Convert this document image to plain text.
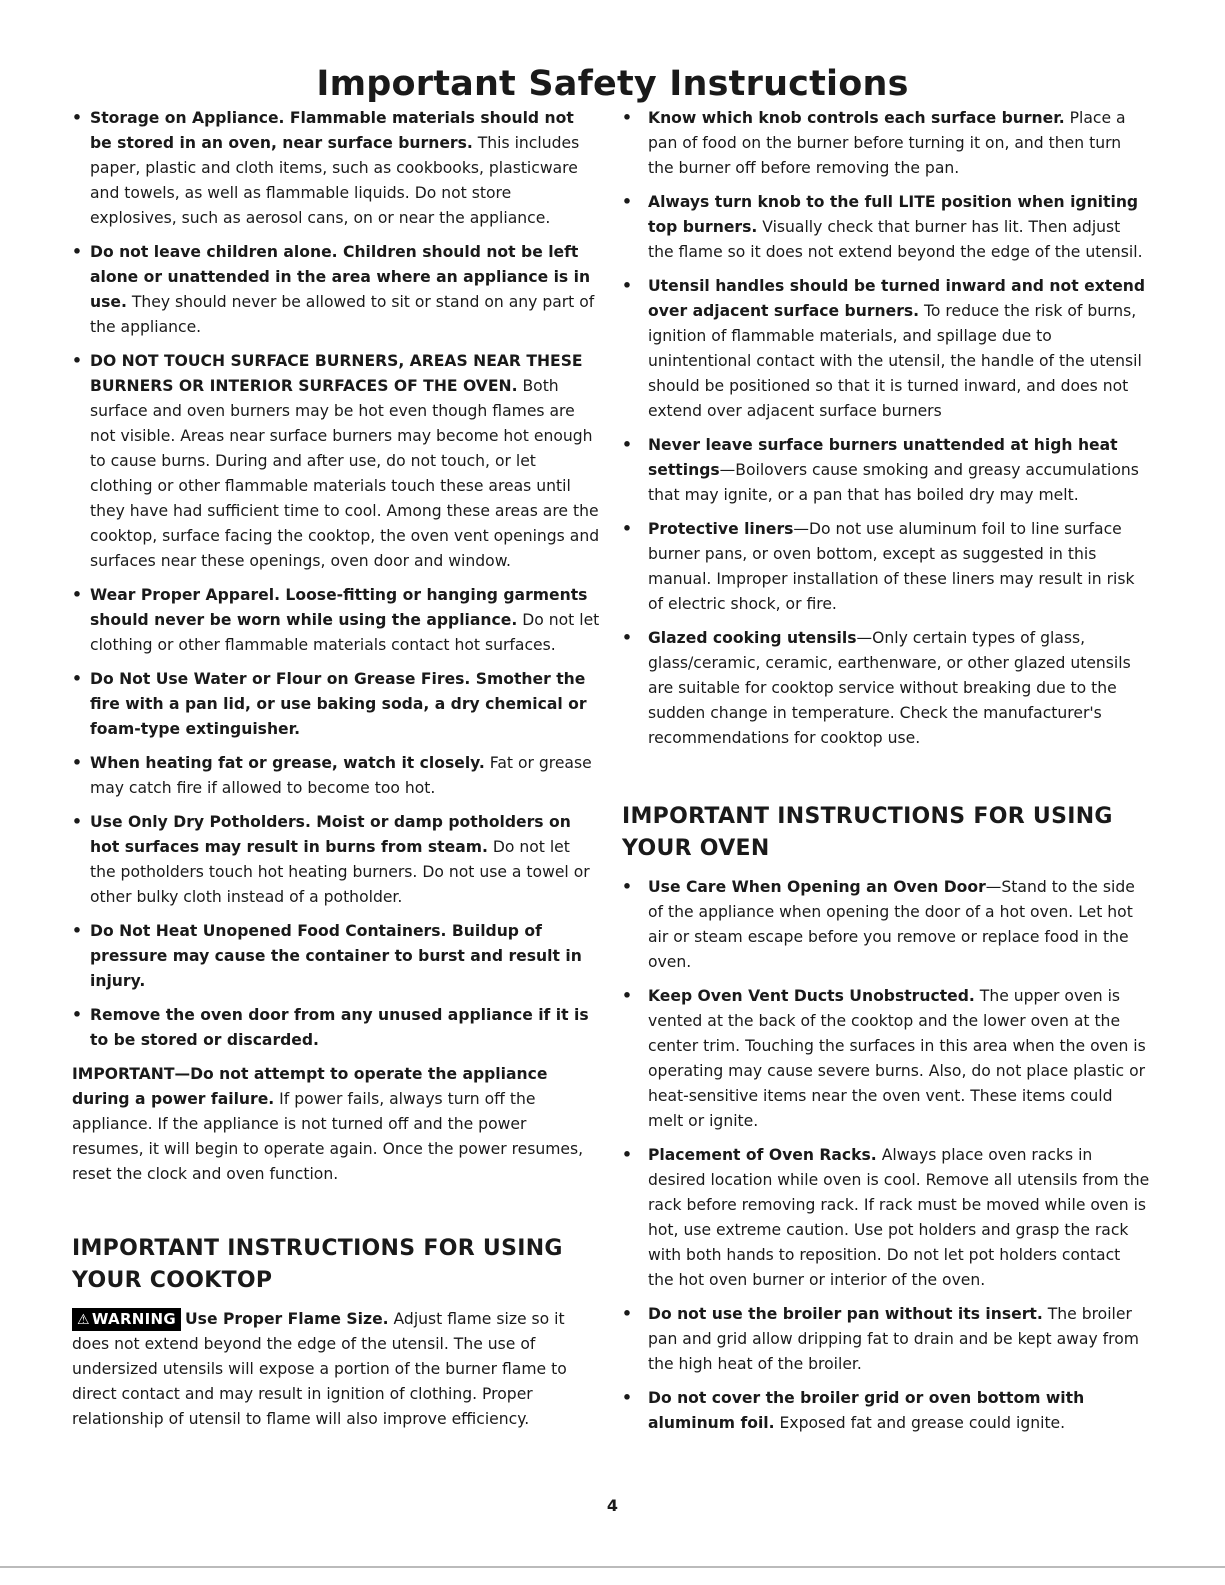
Important Safety Instructions
• Storage on Appliance. Flammable materials should not be stored in an oven, near surface burners. This includes paper, plastic and cloth items, such as cookbooks, plasticware and towels, as well as flammable liquids. Do not store explosives, such as aerosol cans, on or near the appliance.
• Do not leave children alone. Children should not be left alone or unattended in the area where an appliance is in use. They should never be allowed to sit or stand on any part of the appliance.
• DO NOT TOUCH SURFACE BURNERS, AREAS NEAR THESE BURNERS OR INTERIOR SURFACES OF THE OVEN. Both surface and oven burners may be hot even though flames are not visible. Areas near surface burners may become hot enough to cause burns. During and after use, do not touch, or let clothing or other flammable materials touch these areas until they have had sufficient time to cool. Among these areas are the cooktop, surface facing the cooktop, the oven vent openings and surfaces near these openings, oven door and window.
• Wear Proper Apparel. Loose-fitting or hanging garments should never be worn while using the appliance. Do not let clothing or other flammable materials contact hot surfaces.
• Do Not Use Water or Flour on Grease Fires. Smother the fire with a pan lid, or use baking soda, a dry chemical or foam-type extinguisher.
• When heating fat or grease, watch it closely. Fat or grease may catch fire if allowed to become too hot.
• Use Only Dry Potholders. Moist or damp potholders on hot surfaces may result in burns from steam. Do not let the potholders touch hot heating burners. Do not use a towel or other bulky cloth instead of a potholder.
• Do Not Heat Unopened Food Containers. Buildup of pressure may cause the container to burst and result in injury.
• Remove the oven door from any unused appliance if it is to be stored or discarded.

IMPORTANT—Do not attempt to operate the appliance during a power failure. If power fails, always turn off the appliance. If the appliance is not turned off and the power resumes, it will begin to operate again. Once the power resumes, reset the clock and oven function.

IMPORTANT INSTRUCTIONS FOR USING
YOUR COOKTOP

⚠ WARNING Use Proper Flame Size. Adjust flame size so it does not extend beyond the edge of the utensil. The use of undersized utensils will expose a portion of the burner flame to direct contact and may result in ignition of clothing. Proper relationship of utensil to flame will also improve efficiency.

• Know which knob controls each surface burner. Place a pan of food on the burner before turning it on, and then turn the burner off before removing the pan.
• Always turn knob to the full LITE position when igniting top burners. Visually check that burner has lit. Then adjust the flame so it does not extend beyond the edge of the utensil.
• Utensil handles should be turned inward and not extend over adjacent surface burners. To reduce the risk of burns, ignition of flammable materials, and spillage due to unintentional contact with the utensil, the handle of the utensil should be positioned so that it is turned inward, and does not extend over adjacent surface burners
• Never leave surface burners unattended at high heat settings—Boilovers cause smoking and greasy accumulations that may ignite, or a pan that has boiled dry may melt.
• Protective liners—Do not use aluminum foil to line surface burner pans, or oven bottom, except as suggested in this manual. Improper installation of these liners may result in risk of electric shock, or fire.
• Glazed cooking utensils—Only certain types of glass, glass/ceramic, ceramic, earthenware, or other glazed utensils are suitable for cooktop service without breaking due to the sudden change in temperature. Check the manufacturer's recommendations for cooktop use.
IMPORTANT INSTRUCTIONS FOR USING
YOUR OVEN
• Use Care When Opening an Oven Door—Stand to the side of the appliance when opening the door of a hot oven. Let hot air or steam escape before you remove or replace food in the oven.
• Keep Oven Vent Ducts Unobstructed. The upper oven is vented at the back of the cooktop and the lower oven at the center trim. Touching the surfaces in this area when the oven is operating may cause severe burns. Also, do not place plastic or heat-sensitive items near the oven vent. These items could melt or ignite.
• Placement of Oven Racks. Always place oven racks in desired location while oven is cool. Remove all utensils from the rack before removing rack. If rack must be moved while oven is hot, use extreme caution. Use pot holders and grasp the rack with both hands to reposition. Do not let pot holders contact the hot oven burner or interior of the oven.
• Do not use the broiler pan without its insert. The broiler pan and grid allow dripping fat to drain and be kept away from the high heat of the broiler.
• Do not cover the broiler grid or oven bottom with aluminum foil. Exposed fat and grease could ignite.
4
